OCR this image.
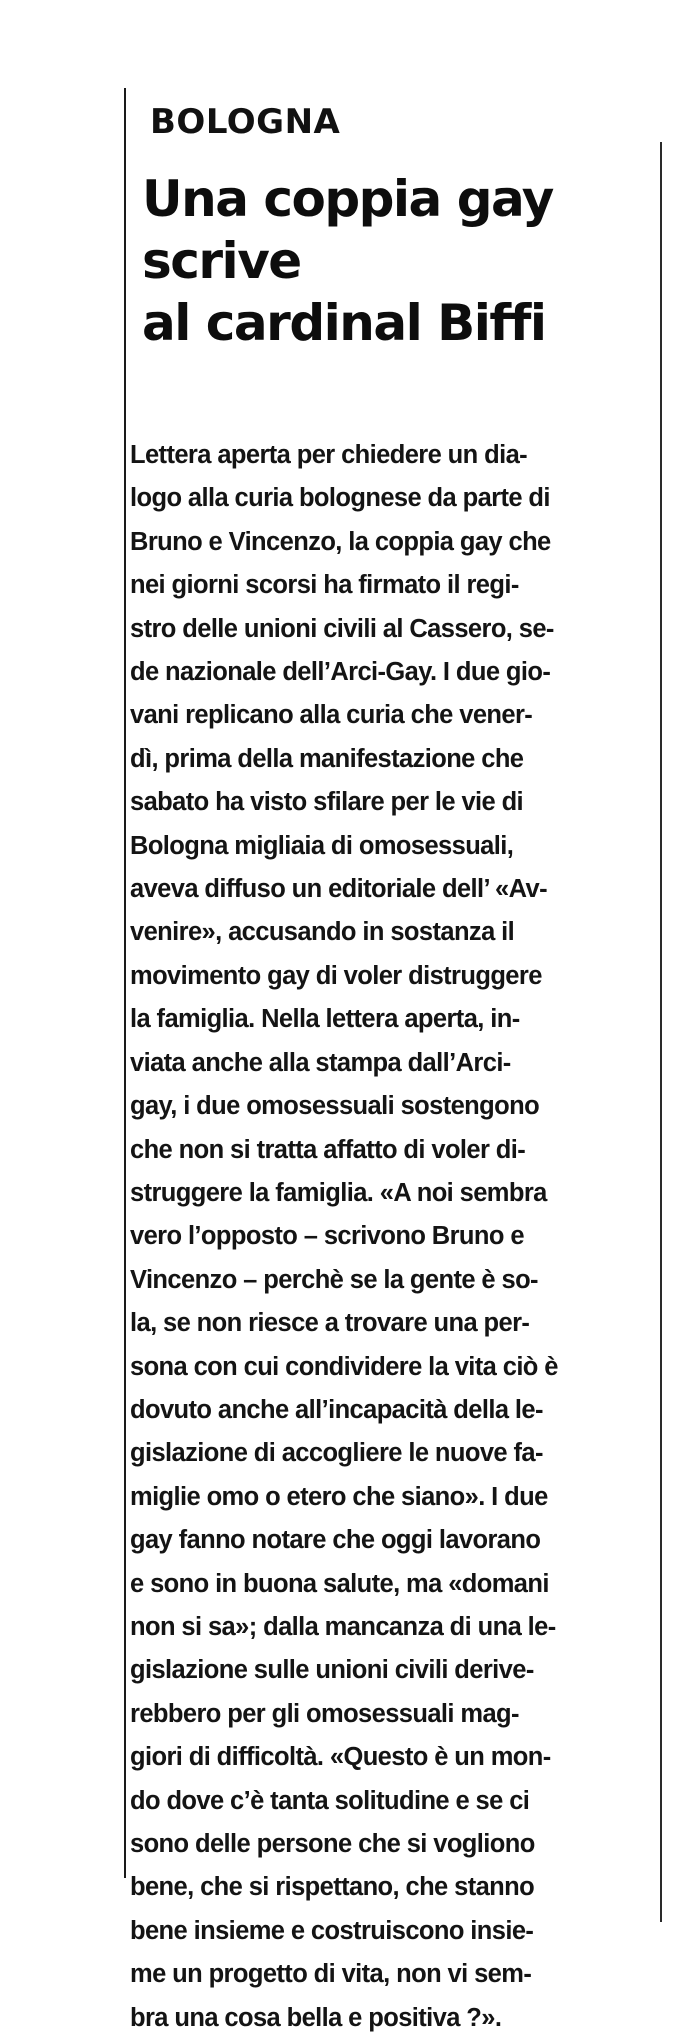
BOLOGNA
Una coppia gay
scrive
al cardinal Biffi
Lettera aperta per chiedere un dia-
logo alla curia bolognese da parte di
Bruno e Vincenzo, la coppia gay che
nei giorni scorsi ha firmato il regi-
stro delle unioni civili al Cassero, se-
de nazionale dell’Arci-Gay. I due gio-
vani replicano alla curia che vener-
dì, prima della manifestazione che
sabato ha visto sfilare per le vie di
Bologna migliaia di omosessuali,
aveva diffuso un editoriale dell’ «Av-
venire», accusando in sostanza il
movimento gay di voler distruggere
la famiglia. Nella lettera aperta, in-
viata anche alla stampa dall’Arci-
gay, i due omosessuali sostengono
che non si tratta affatto di voler di-
struggere la famiglia. «A noi sembra
vero l’opposto – scrivono Bruno e
Vincenzo – perchè se la gente è so-
la, se non riesce a trovare una per-
sona con cui condividere la vita ciò è
dovuto anche all’incapacità della le-
gislazione di accogliere le nuove fa-
miglie omo o etero che siano». I due
gay fanno notare che oggi lavorano
e sono in buona salute, ma «domani
non si sa»; dalla mancanza di una le-
gislazione sulle unioni civili derive-
rebbero per gli omosessuali mag-
giori di difficoltà. «Questo è un mon-
do dove c’è tanta solitudine e se ci
sono delle persone che si vogliono
bene, che si rispettano, che stanno
bene insieme e costruiscono insie-
me un progetto di vita, non vi sem-
bra una cosa bella e positiva ?».
